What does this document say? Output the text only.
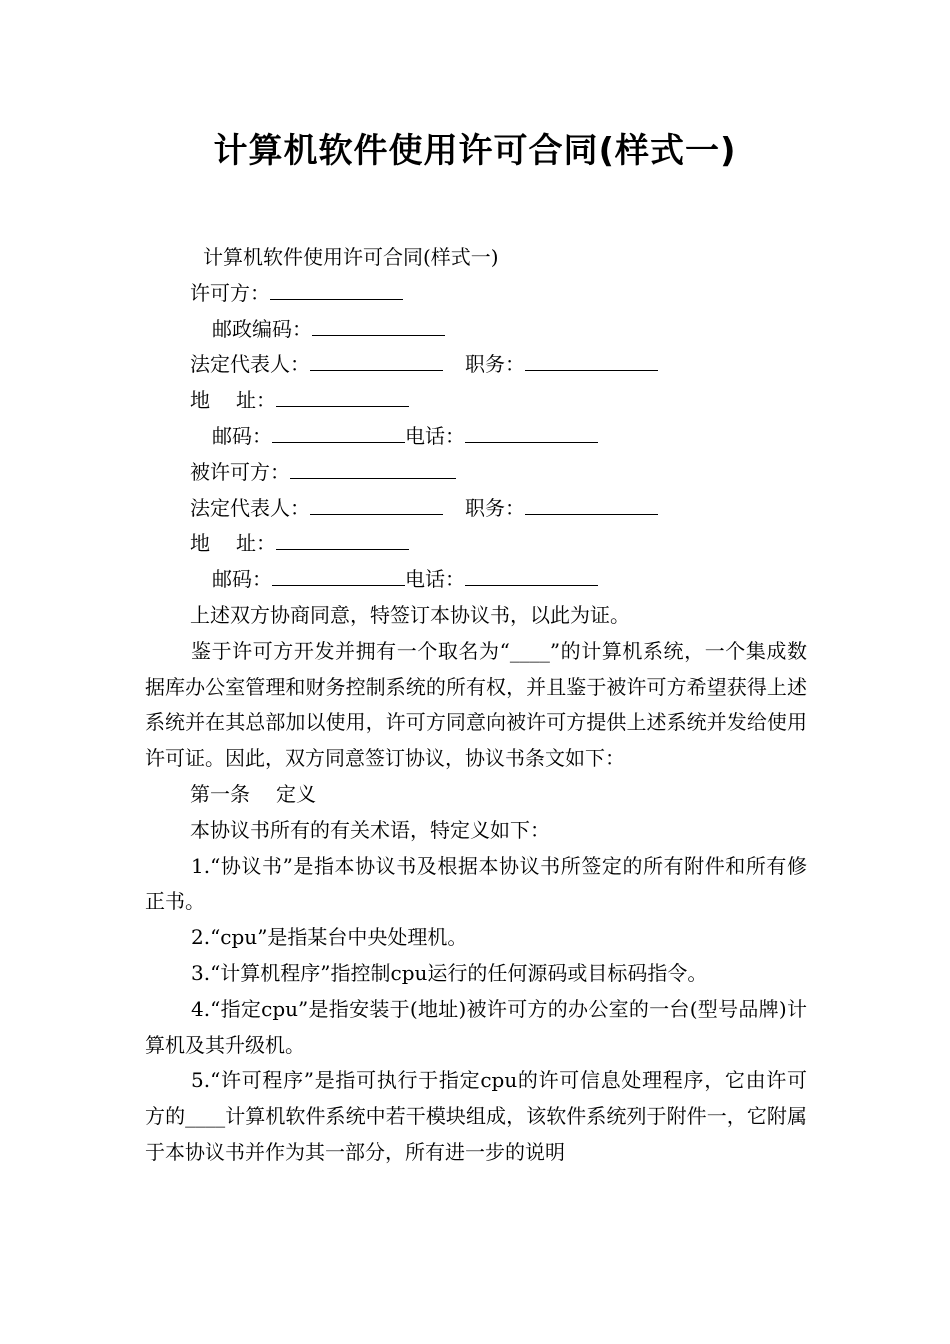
计算机软件使用许可合同(样式一)
计算机软件使用许可合同(样式一)
许可方：
邮政编码：
法定代表人：	职务：
地 址：
邮码：	电话：
被许可方：
法定代表人：	职务：
地 址：
邮码：	电话：
上述双方协商同意，特签订本协议书，以此为证。
鉴于许可方开发并拥有一个取名为“____”的计算机系统，一个集成数据库办公室管理和财务控制系统的所有权，并且鉴于被许可方希望获得上述系统并在其总部加以使用，许可方同意向被许可方提供上述系统并发给使用许可证。因此，双方同意签订协议，协议书条文如下：
第一条 定义
本协议书所有的有关术语，特定义如下：
1.“协议书”是指本协议书及根据本协议书所签定的所有附件和所有修正书。
2.“cpu”是指某台中央处理机。
3.“计算机程序”指控制cpu运行的任何源码或目标码指令。
4.“指定cpu”是指安装于(地址)被许可方的办公室的一台(型号品牌)计算机及其升级机。
5.“许可程序”是指可执行于指定cpu的许可信息处理程序，它由许可方的____计算机软件系统中若干模块组成，该软件系统列于附件一，它附属于本协议书并作为其一部分，所有进一步的说明
